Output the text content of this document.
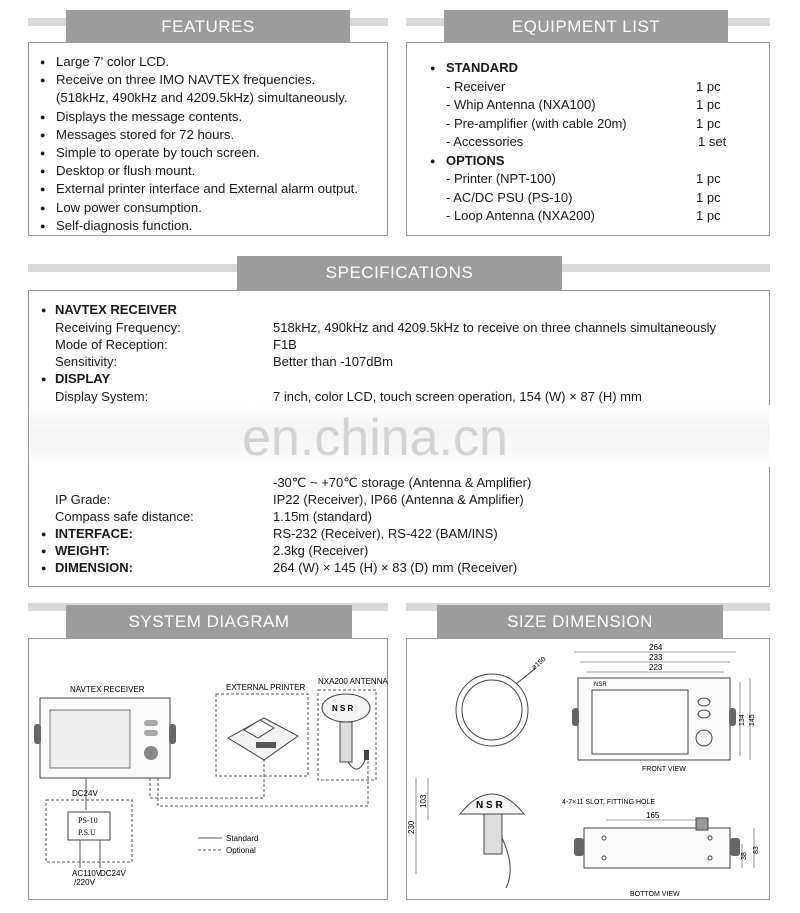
FEATURES
● Large 7' color LCD.
● Receive on three IMO NAVTEX frequencies.
(518kHz, 490kHz and 4209.5kHz) simultaneously.
● Displays the message contents.
● Messages stored for 72 hours.
● Simple to operate by touch screen.
● Desktop or flush mount.
● External printer interface and External alarm output.
● Low power consumption.
● Self-diagnosis function.
EQUIPMENT LIST
● STANDARD
- Receiver	1 pc
- Whip Antenna (NXA100)	1 pc
- Pre-amplifier (with cable 20m)	1 pc
- Accessories	1 set
● OPTIONS
- Printer (NPT-100)	1 pc
- AC/DC PSU (PS-10)	1 pc
- Loop Antenna (NXA200)	1 pc
SPECIFICATIONS
● NAVTEX RECEIVER
Receiving Frequency:	518kHz, 490kHz and 4209.5kHz to receive on three channels simultaneously
Mode of Reception:	F1B
Sensitivity:	Better than -107dBm
● DISPLAY
Display System:	7 inch, color LCD, touch screen operation, 154 (W) × 87 (H) mm
en.china.cn
-30℃ ~ +70℃ storage (Antenna & Amplifier)
IP Grade:	IP22 (Receiver), IP66 (Antenna & Amplifier)
Compass safe distance:	1.15m (standard)
● INTERFACE:	RS-232 (Receiver), RS-422 (BAM/INS)
● WEIGHT:	2.3kg (Receiver)
● DIMENSION:	264 (W) × 145 (H) × 83 (D) mm (Receiver)
SYSTEM DIAGRAM
NAVTEX RECEIVER	EXTERNAL PRINTER
NXA200 ANTENNA
N S R
DC24V
PS-10
P.S.U
AC110V
/220V
DC24V
Standard
Optional
SIZE DIMENSION
ø150
264
233
223
NSR
134 145
FRONT VIEW
230
103	N S R	4-7×11 SLOT, FITTING HOLE
165
38
83
BOTTOM VIEW
